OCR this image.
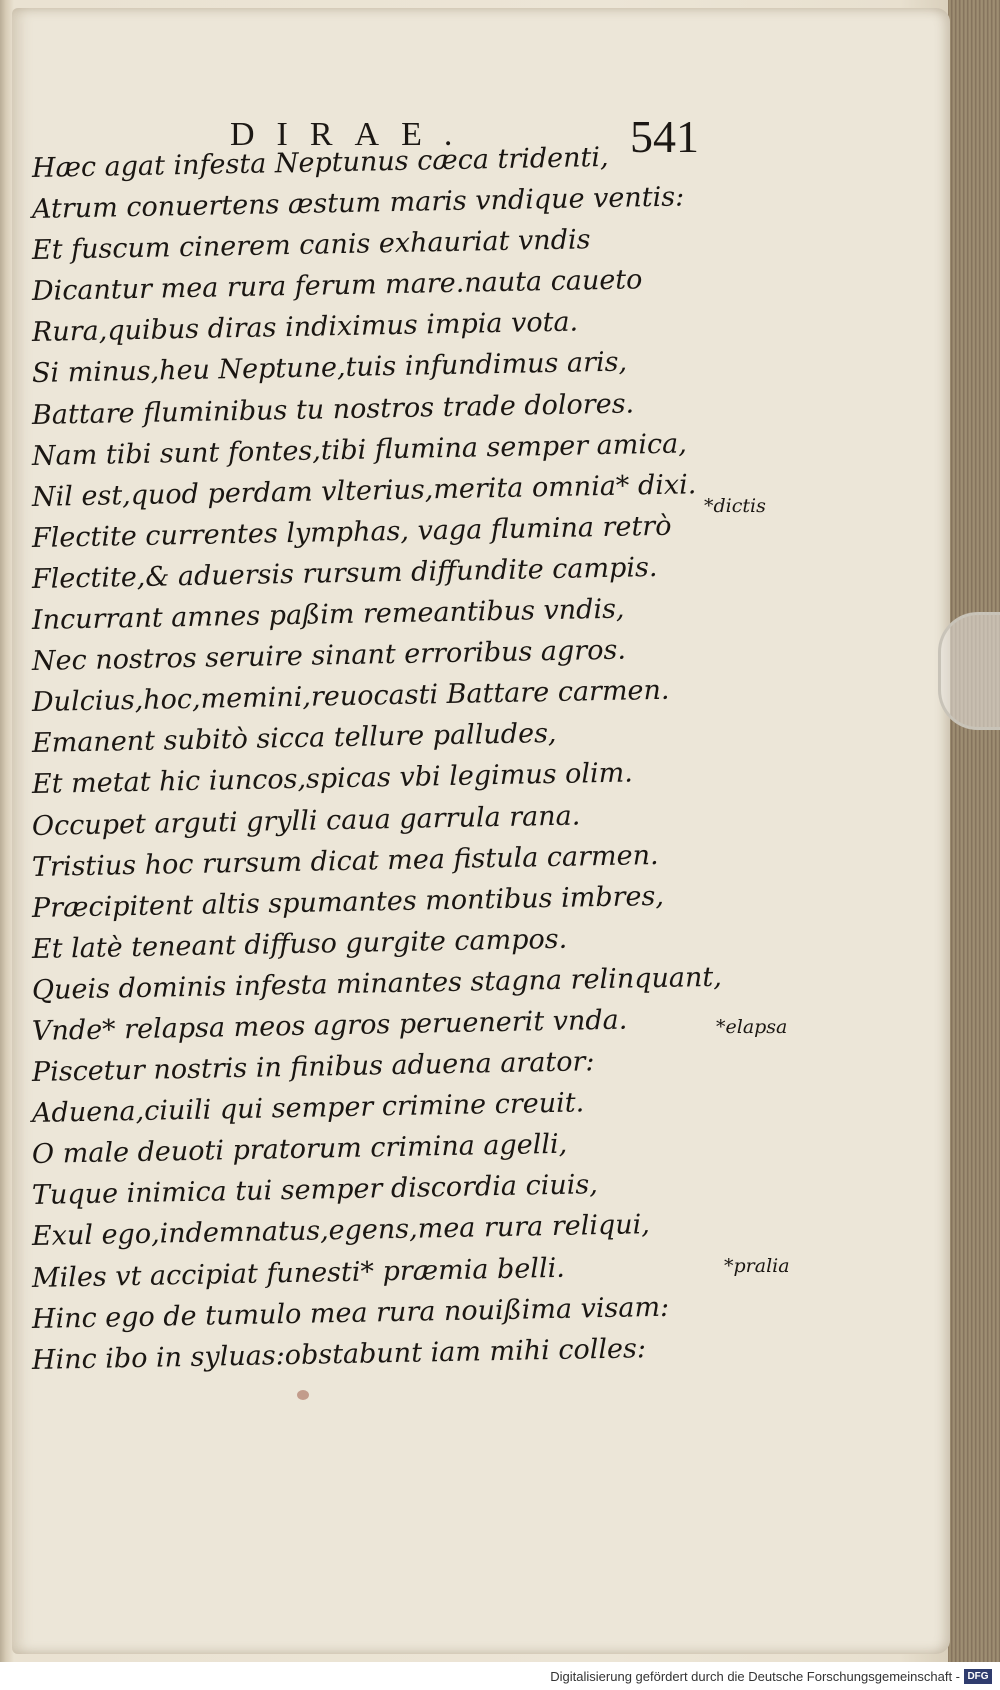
DIRAE.	541
Hæc agat infesta Neptunus cæca tridenti,
Atrum conuertens æstum maris vndique ventis:
Et fuscum cinerem canis exhauriat vndis
Dicantur mea rura ferum mare.nauta caueto
Rura,quibus diras indiximus impia vota.
Si minus,heu Neptune,tuis infundimus aris,
Battare fluminibus tu nostros trade dolores.
Nam tibi sunt fontes,tibi flumina semper amica,
Nil est,quod perdam vlterius,merita omnia* dixi.
Flectite currentes lymphas, vaga flumina retrò
Flectite,& aduersis rursum diffundite campis.
Incurrant amnes paßim remeantibus vndis,
Nec nostros seruire sinant erroribus agros.
Dulcius,hoc,memini,reuocasti Battare carmen.
Emanent subitò sicca tellure palludes,
Et metat hic iuncos,spicas vbi legimus olim.
Occupet arguti grylli caua garrula rana.
Tristius hoc rursum dicat mea fistula carmen.
Præcipitent altis spumantes montibus imbres,
Et latè teneant diffuso gurgite campos.
Queis dominis infesta minantes stagna relinquant,
Vnde* relapsa meos agros peruenerit vnda.
Piscetur nostris in finibus aduena arator:
Aduena,ciuili qui semper crimine creuit.
O male deuoti pratorum crimina agelli,
Tuque inimica tui semper discordia ciuis,
Exul ego,indemnatus,egens,mea rura reliqui,
Miles vt accipiat funesti* præmia belli.
Hinc ego de tumulo mea rura nouißima visam:
Hinc ibo in syluas:obstabunt iam mihi colles:
*dictis
*elapsa
*pralia
Digitalisierung gefördert durch die Deutsche Forschungsgemeinschaft - DFG
